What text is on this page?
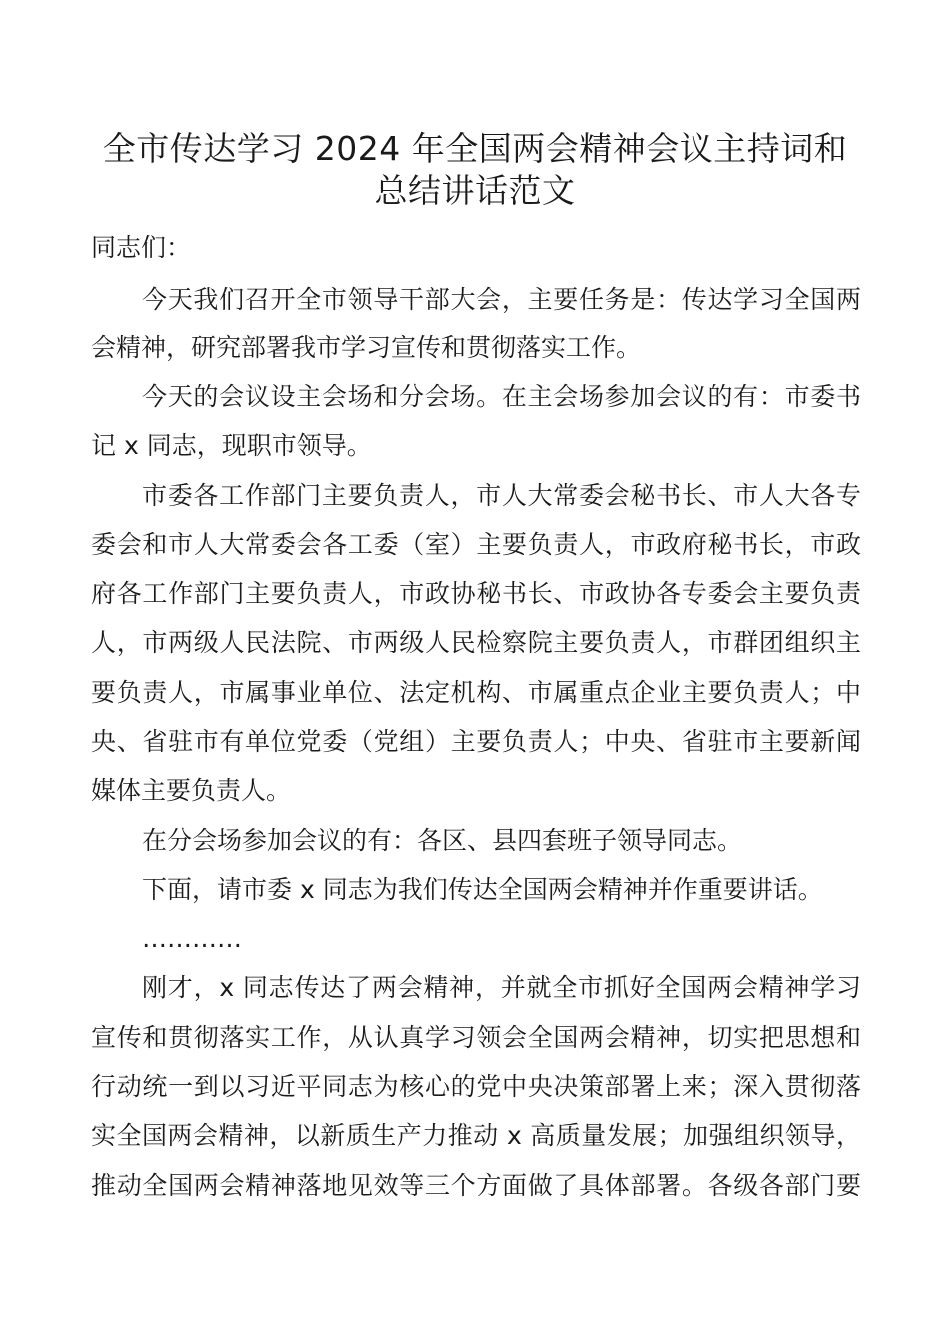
全市传达学习 2024 年全国两会精神会议主持词和
总结讲话范文
同志们：
今天我们召开全市领导干部大会，主要任务是：传达学习全国两
会精神，研究部署我市学习宣传和贯彻落实工作。
今天的会议设主会场和分会场。在主会场参加会议的有：市委书
记 x 同志，现职市领导。
市委各工作部门主要负责人，市人大常委会秘书长、市人大各专
委会和市人大常委会各工委（室）主要负责人，市政府秘书长，市政
府各工作部门主要负责人，市政协秘书长、市政协各专委会主要负责
人，市两级人民法院、市两级人民检察院主要负责人，市群团组织主
要负责人，市属事业单位、法定机构、市属重点企业主要负责人；中
央、省驻市有单位党委（党组）主要负责人；中央、省驻市主要新闻
媒体主要负责人。
在分会场参加会议的有：各区、县四套班子领导同志。
下面，请市委 x 同志为我们传达全国两会精神并作重要讲话。
…………
刚才，x 同志传达了两会精神，并就全市抓好全国两会精神学习
宣传和贯彻落实工作，从认真学习领会全国两会精神，切实把思想和
行动统一到以习近平同志为核心的党中央决策部署上来；深入贯彻落
实全国两会精神，以新质生产力推动 x 高质量发展；加强组织领导，
推动全国两会精神落地见效等三个方面做了具体部署。各级各部门要
